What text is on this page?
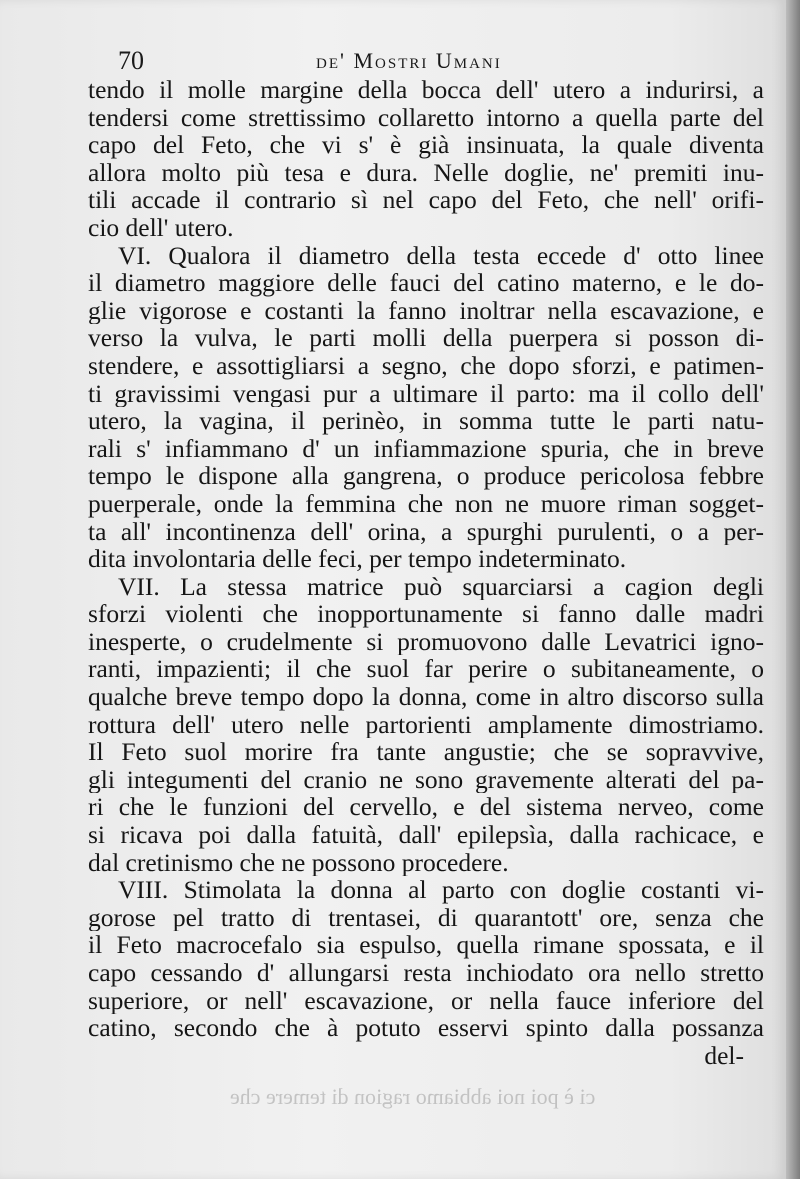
70	de' Mostri Umani
tendo il molle margine della bocca dell' utero a indurirsi, a
tendersi come strettissimo collaretto intorno a quella parte del
capo del Feto, che vi s' è già insinuata, la quale diventa
allora molto più tesa e dura. Nelle doglie, ne' premiti inu-
tili accade il contrario sì nel capo del Feto, che nell' orifi-
cio dell' utero.
VI. Qualora il diametro della testa eccede d' otto linee
il diametro maggiore delle fauci del catino materno, e le do-
glie vigorose e costanti la fanno inoltrar nella escavazione, e
verso la vulva, le parti molli della puerpera si posson di-
stendere, e assottigliarsi a segno, che dopo sforzi, e patimen-
ti gravissimi vengasi pur a ultimare il parto: ma il collo dell'
utero, la vagina, il perinèo, in somma tutte le parti natu-
rali s' infiammano d' un infiammazione spuria, che in breve
tempo le dispone alla gangrena, o produce pericolosa febbre
puerperale, onde la femmina che non ne muore riman sogget-
ta all' incontinenza dell' orina, a spurghi purulenti, o a per-
dita involontaria delle feci, per tempo indeterminato.
VII. La stessa matrice può squarciarsi a cagion degli
sforzi violenti che inopportunamente si fanno dalle madri
inesperte, o crudelmente si promuovono dalle Levatrici igno-
ranti, impazienti; il che suol far perire o subitaneamente, o
qualche breve tempo dopo la donna, come in altro discorso sulla
rottura dell' utero nelle partorienti amplamente dimostriamo.
Il Feto suol morire fra tante angustie; che se sopravvive,
gli integumenti del cranio ne sono gravemente alterati del pa-
ri che le funzioni del cervello, e del sistema nerveo, come
si ricava poi dalla fatuità, dall' epilepsìa, dalla rachicace, e
dal cretinismo che ne possono procedere.
VIII. Stimolata la donna al parto con doglie costanti vi-
gorose pel tratto di trentasei, di quarantott' ore, senza che
il Feto macrocefalo sia espulso, quella rimane spossata, e il
capo cessando d' allungarsi resta inchiodato ora nello stretto
superiore, or nell' escavazione, or nella fauce inferiore del
catino, secondo che à potuto esservi spinto dalla possanza
del-
ci è poi noi abbiamo ragion di temere che
